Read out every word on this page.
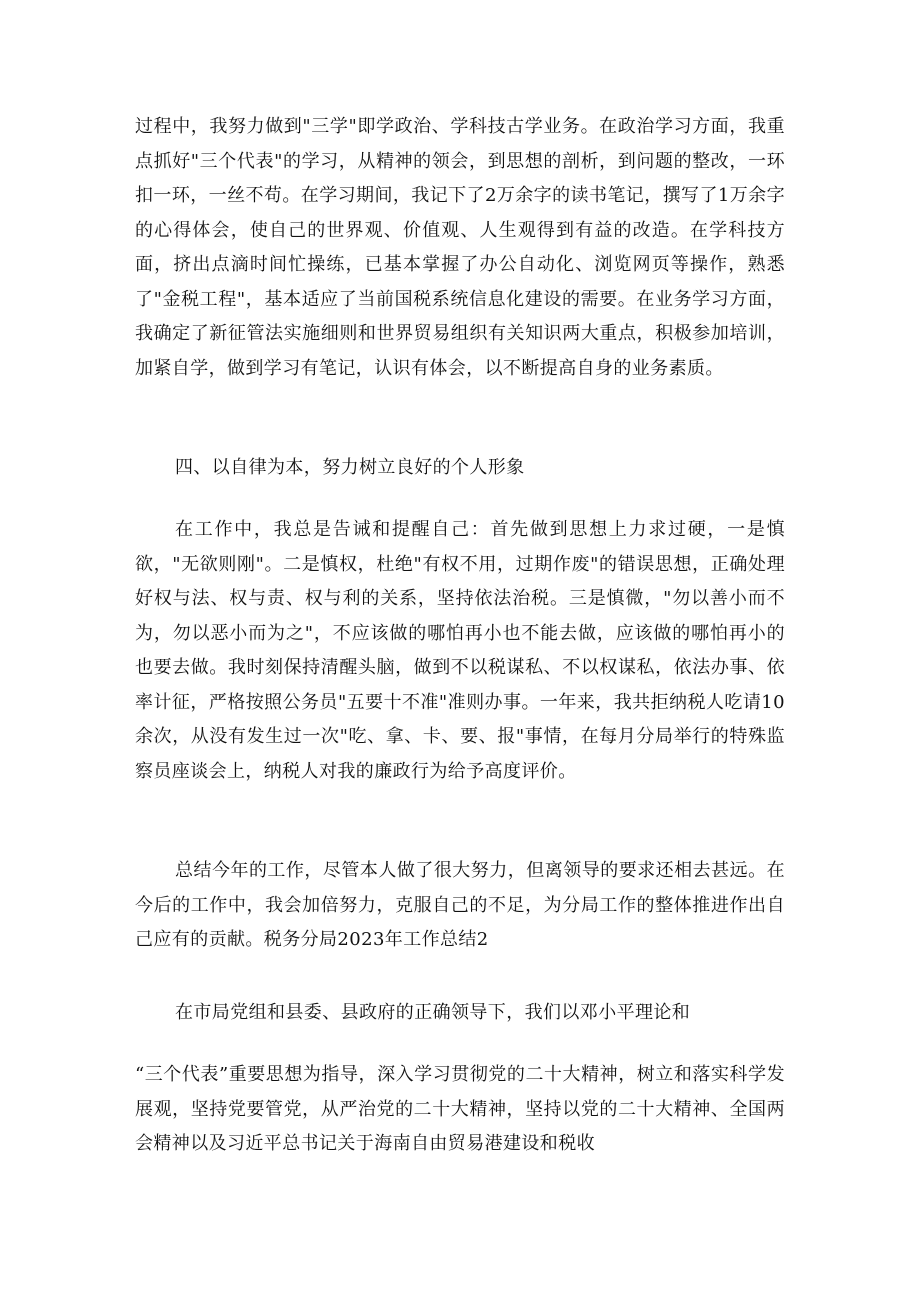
过程中，我努力做到"三学"即学政治、学科技古学业务。在政治学习方面，我重点抓好"三个代表"的学习，从精神的领会，到思想的剖析，到问题的整改，一环扣一环，一丝不苟。在学习期间，我记下了2万余字的读书笔记，撰写了1万余字的心得体会，使自己的世界观、价值观、人生观得到有益的改造。在学科技方面，挤出点滴时间忙操练，已基本掌握了办公自动化、浏览网页等操作，熟悉了"金税工程"，基本适应了当前国税系统信息化建设的需要。在业务学习方面，我确定了新征管法实施细则和世界贸易组织有关知识两大重点，积极参加培训，加紧自学，做到学习有笔记，认识有体会，以不断提高自身的业务素质。

四、以自律为本，努力树立良好的个人形象

在工作中，我总是告诫和提醒自己：首先做到思想上力求过硬，一是慎欲，"无欲则刚"。二是慎权，杜绝"有权不用，过期作废"的错误思想，正确处理好权与法、权与责、权与利的关系，坚持依法治税。三是慎微，"勿以善小而不为，勿以恶小而为之"，不应该做的哪怕再小也不能去做，应该做的哪怕再小的也要去做。我时刻保持清醒头脑，做到不以税谋私、不以权谋私，依法办事、依率计征，严格按照公务员"五要十不准"准则办事。一年来，我共拒纳税人吃请10余次，从没有发生过一次"吃、拿、卡、要、报"事情，在每月分局举行的特殊监察员座谈会上，纳税人对我的廉政行为给予高度评价。

总结今年的工作，尽管本人做了很大努力，但离领导的要求还相去甚远。在今后的工作中，我会加倍努力，克服自己的不足，为分局工作的整体推进作出自己应有的贡献。税务分局2023年工作总结2

在市局党组和县委、县政府的正确领导下，我们以邓小平理论和

“三个代表”重要思想为指导，深入学习贯彻党的二十大精神，树立和落实科学发展观，坚持党要管党，从严治党的二十大精神，坚持以党的二十大精神、全国两会精神以及习近平总书记关于海南自由贸易港建设和税收
